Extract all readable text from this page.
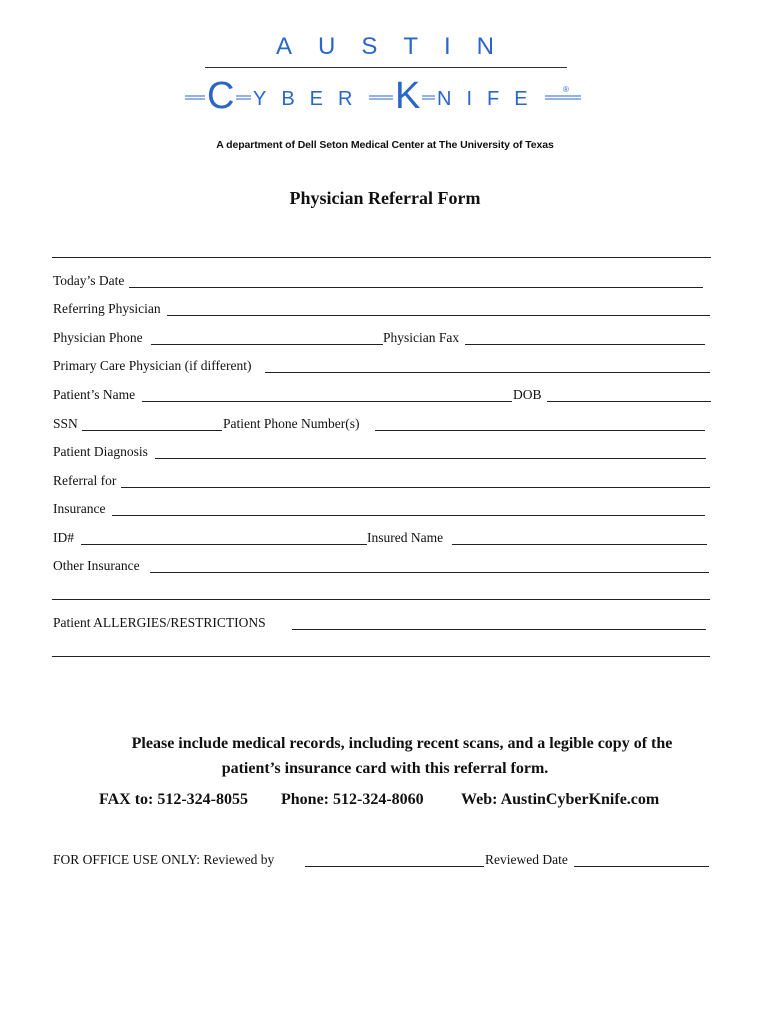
AUSTIN
C YBER K NIFE	®
A department of Dell Seton Medical Center at The University of Texas
Physician Referral Form
Today’s Date
Referring Physician
Physician Phone	Physician Fax
Primary Care Physician (if different)
Patient’s Name	DOB
SSN	Patient Phone Number(s)
Patient Diagnosis
Referral for
Insurance
ID#	Insured Name
Other Insurance
Patient ALLERGIES/RESTRICTIONS
Please include medical records, including recent scans, and a legible copy of the
patient’s insurance card with this referral form.
FAX to: 512-324-8055 Phone: 512-324-8060 Web: AustinCyberKnife.com
FOR OFFICE USE ONLY: Reviewed by	Reviewed Date
